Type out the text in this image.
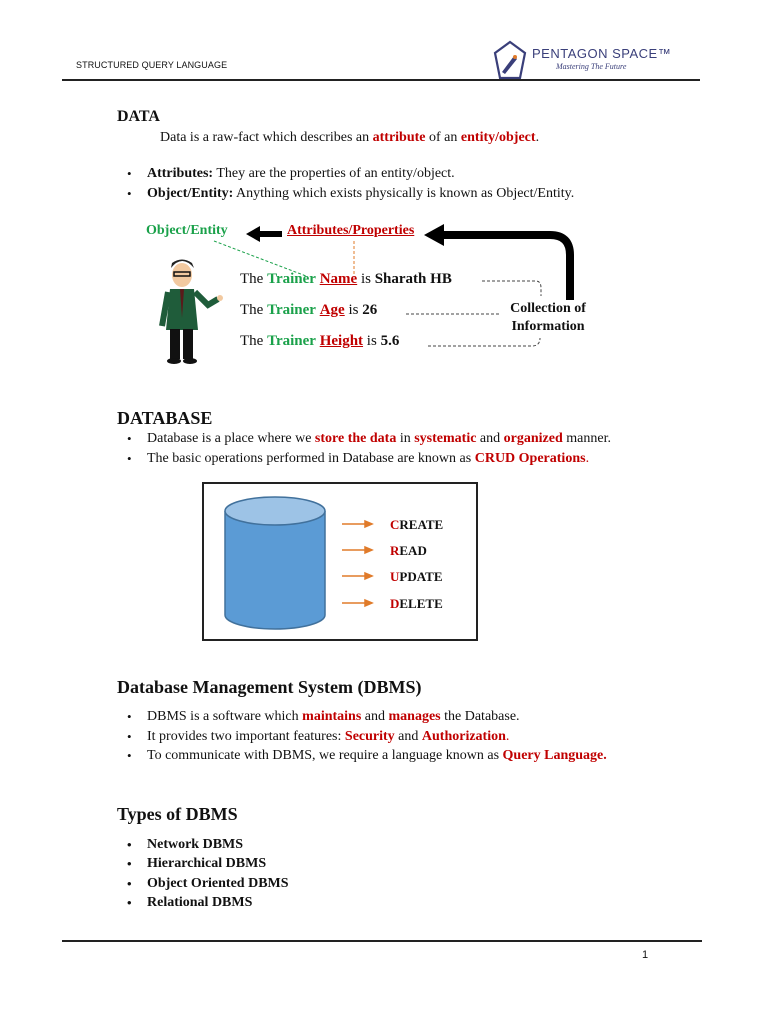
STRUCTURED QUERY LANGUAGE
PENTAGON SPACE™
Mastering The Future
DATA
Data is a raw-fact which describes an attribute of an entity/object.
• Attributes: They are the properties of an entity/object.
• Object/Entity: Anything which exists physically is known as Object/Entity.
Object/Entity	Attributes/Properties
The Trainer Name is Sharath HB
The Trainer Age is 26
The Trainer Height is 5.6
Collection of
Information
DATABASE
• Database is a place where we store the data in systematic and organized manner.
• The basic operations performed in Database are known as CRUD Operations.
CREATE
READ
UPDATE
DELETE
Database Management System (DBMS)
• DBMS is a software which maintains and manages the Database.
• It provides two important features: Security and Authorization.
• To communicate with DBMS, we require a language known as Query Language.
Types of DBMS
• Network DBMS
• Hierarchical DBMS
• Object Oriented DBMS
• Relational DBMS
1
